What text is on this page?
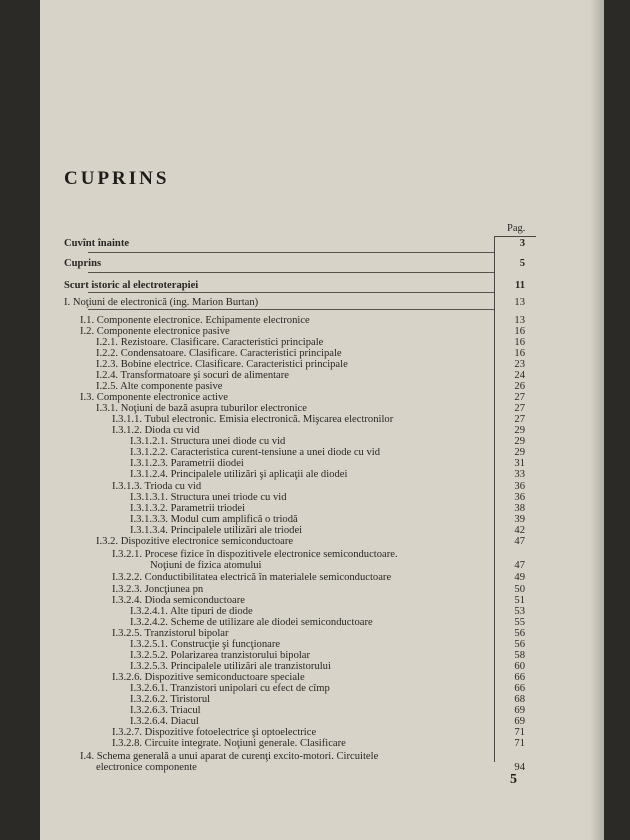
CUPRINS
Pag.
Cuvînt înainte	3
Cuprins	5
Scurt istoric al electroterapiei	11
I. Noţiuni de electronică (ing. Marion Burtan)	13
I.1. Componente electronice. Echipamente electronice	13
I.2. Componente electronice pasive	16
I.2.1. Rezistoare. Clasificare. Caracteristici principale	16
I.2.2. Condensatoare. Clasificare. Caracteristici principale	16
I.2.3. Bobine electrice. Clasificare. Caracteristici principale	23
I.2.4. Transformatoare şi socuri de alimentare	24
I.2.5. Alte componente pasive	26
I.3. Componente electronice active	27
I.3.1. Noţiuni de bază asupra tuburilor electronice	27
I.3.1.1. Tubul electronic. Emisia electronică. Mişcarea electronilor	27
I.3.1.2. Dioda cu vid	29
I.3.1.2.1. Structura unei diode cu vid	29
I.3.1.2.2. Caracteristica curent-tensiune a unei diode cu vid	29
I.3.1.2.3. Parametrii diodei	31
I.3.1.2.4. Principalele utilizări şi aplicaţii ale diodei	33
I.3.1.3. Trioda cu vid	36
I.3.1.3.1. Structura unei triode cu vid	36
I.3.1.3.2. Parametrii triodei	38
I.3.1.3.3. Modul cum amplifică o triodă	39
I.3.1.3.4. Principalele utilizări ale triodei	42
I.3.2. Dispozitive electronice semiconductoare	47
I.3.2.1. Procese fizice în dispozitivele electronice semiconductoare.
Noţiuni de fizica atomului	47
I.3.2.2. Conductibilitatea electrică în materialele semiconductoare	49
I.3.2.3. Joncţiunea pn	50
I.3.2.4. Dioda semiconductoare	51
I.3.2.4.1. Alte tipuri de diode	53
I.3.2.4.2. Scheme de utilizare ale diodei semiconductoare	55
I.3.2.5. Tranzistorul bipolar	56
I.3.2.5.1. Construcţie şi funcţionare	56
I.3.2.5.2. Polarizarea tranzistorului bipolar	58
I.3.2.5.3. Principalele utilizări ale tranzistorului	60
I.3.2.6. Dispozitive semiconductoare speciale	66
I.3.2.6.1. Tranzistori unipolari cu efect de cîmp	66
I.3.2.6.2. Tiristorul	68
I.3.2.6.3. Triacul	69
I.3.2.6.4. Diacul	69
I.3.2.7. Dispozitive fotoelectrice şi optoelectrice	71
I.3.2.8. Circuite integrate. Noţiuni generale. Clasificare	71
I.4. Schema generală a unui aparat de curenţi excito-motori. Circuitele
electronice componente	94
5
